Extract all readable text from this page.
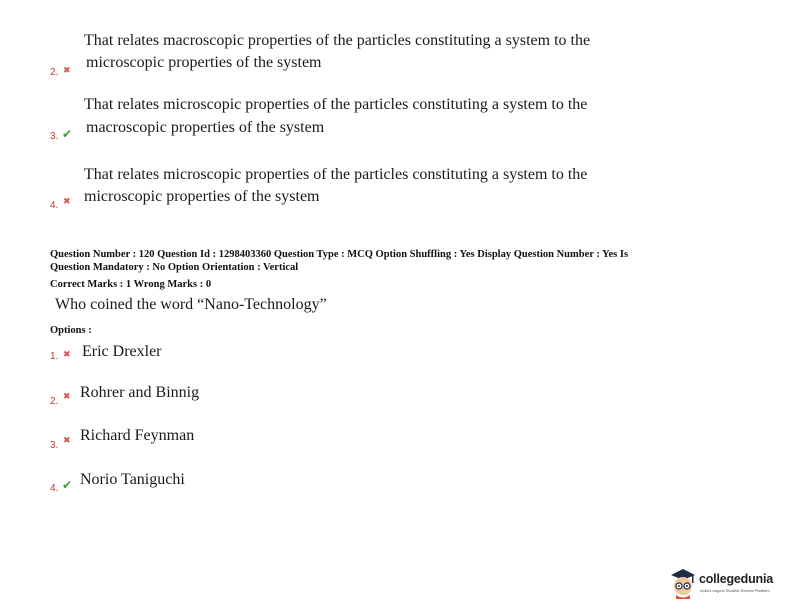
That relates macroscopic properties of the particles constituting a system to the
microscopic properties of the system
2. ✖
That relates microscopic properties of the particles constituting a system to the
macroscopic properties of the system
3. ✔
That relates microscopic properties of the particles constituting a system to the
microscopic properties of the system
4. ✖
Question Number : 120 Question Id : 1298403360 Question Type : MCQ Option Shuffling : Yes Display Question Number : Yes Is
Question Mandatory : No Option Orientation : Vertical
Correct Marks : 1 Wrong Marks : 0
Who coined the word “Nano-Technology”
Options :
1. ✖ Eric Drexler
2. ✖ Rohrer and Binnig
3. ✖ Richard Feynman
4. ✔ Norio Taniguchi
collegedunia
India's largest Student Review Platform
